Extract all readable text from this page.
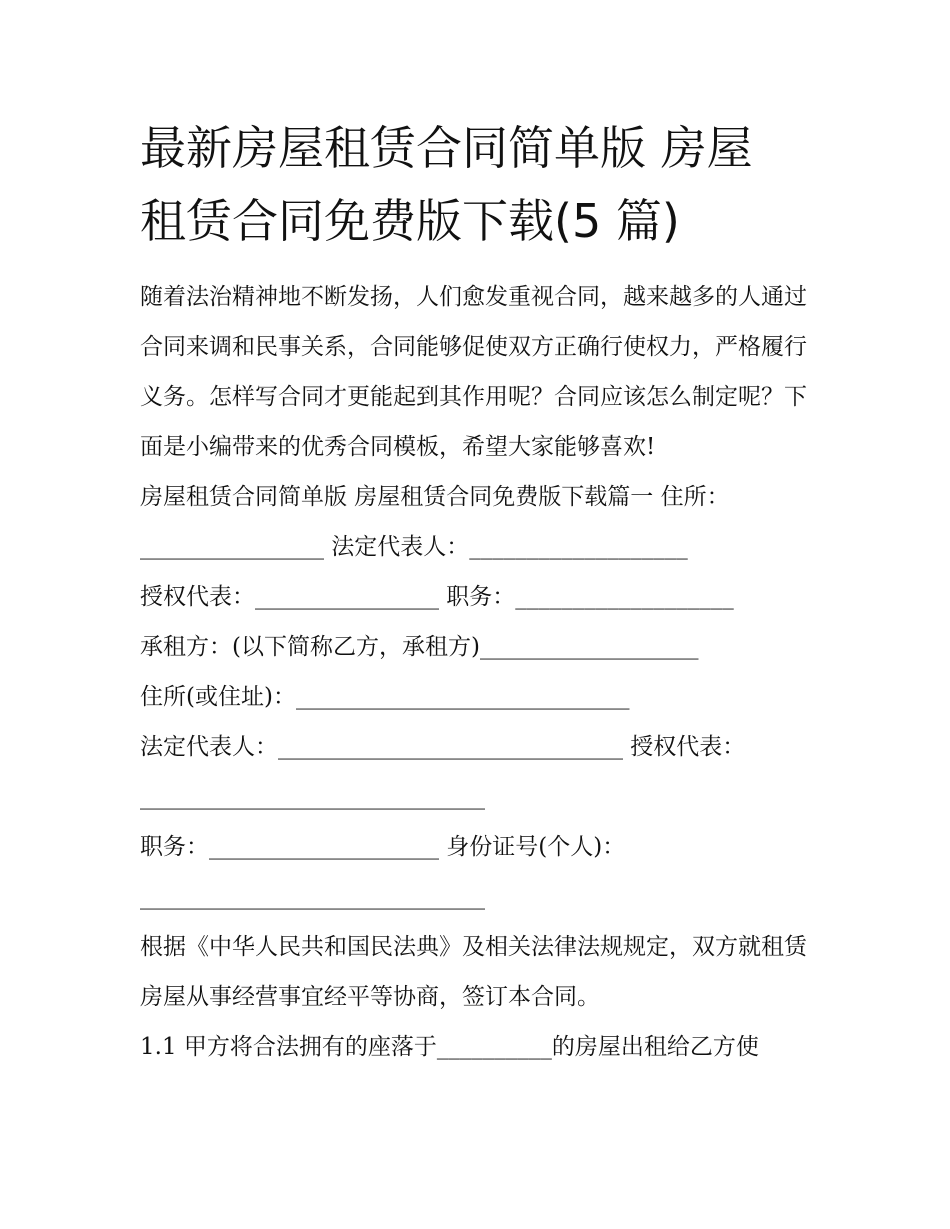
最新房屋租赁合同简单版 房屋
租赁合同免费版下载(5 篇)

随着法治精神地不断发扬，人们愈发重视合同，越来越多的人通过合同来调和民事关系，合同能够促使双方正确行使权力，严格履行义务。怎样写合同才更能起到其作用呢？合同应该怎么制定呢？下面是小编带来的优秀合同模板，希望大家能够喜欢!

房屋租赁合同简单版 房屋租赁合同免费版下载篇一 住所：

________________ 法定代表人：___________________

授权代表：________________ 职务：___________________

承租方：(以下简称乙方，承租方)___________________

住所(或住址)：_____________________________

法定代表人：______________________________ 授权代表：

______________________________

职务：____________________ 身份证号(个人)：

______________________________

根据《中华人民共和国民法典》及相关法律法规规定，双方就租赁房屋从事经营事宜经平等协商，签订本合同。

1.1 甲方将合法拥有的座落于__________的房屋出租给乙方使
